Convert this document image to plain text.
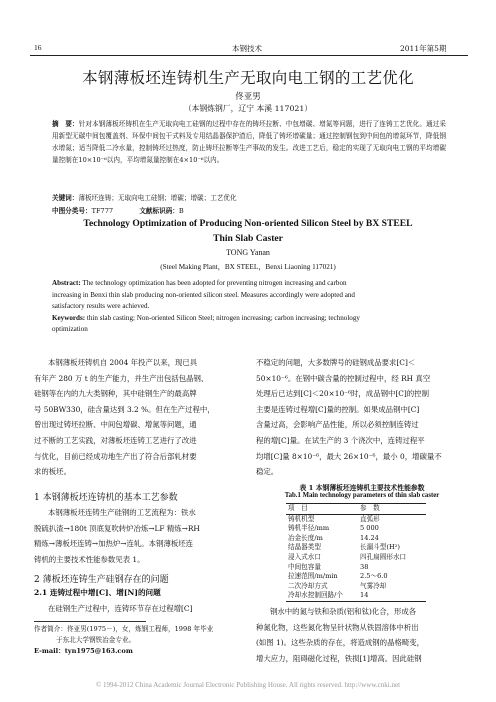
16	本钢技术	2011年第5期
本钢薄板坯连铸机生产无取向电工钢的工艺优化
佟亚男
（本钢炼钢厂，辽宁 本溪 117021）
摘　要：针对本钢薄板坯铸机在生产无取向电工硅钢的过程中存在的铸坯拉断、中包增碳、增氮等问题，进行了连铸工艺优化。通过采用新型无碳中间包覆盖剂、环保中间包干式料及专用结晶器保护渣后，降低了铸坯增碳量；通过控制钢包到中间包的增氮环节，降低钢水增氮；适当降低二冷水量，控制铸坯过热度，防止铸坯拉断等生产事故的发生。改进工艺后，稳定的实现了无取向电工钢的平均增碳量控制在10×10⁻⁶以内，平均增氮量控制在4×10⁻⁶以内。
关键词：薄板坯连铸；无取向电工硅钢；增碳；增碳；工艺优化
中图分类号：TF777	文献标识码：B
Technology Optimization of Producing Non-oriented Silicon Steel by BX STEEL
Thin Slab Caster
TONG Yanan
(Steel Making Plant，BX STEEL，Benxi Liaoning 117021)
Abstract: The technology optimization has been adopted for preventing nitrogen increasing and carbon
increasing in Benxi thin slab producing non-oriented silicon steel. Measures accordingly were adopted and
satisfactory results were achieved.
Keywords: thin slab casting; Non-oriented Silicon Steel; nitrogen increasing; carbon increasing; technology
optimization
本钢薄板坯铸机自 2004 年投产以来，现已具
有年产 280 万 t 的生产能力，并生产出包括包晶钢、
硅钢等在内的九大类钢种，其中硅钢生产的最高牌
号 50BW330，硅含量达到 3.2 %。但在生产过程中，
曾出现过铸坯拉断、中间包增碳、增氮等问题，通
过不断的工艺实践，对薄板坯连铸工艺进行了改进
与优化，目前已经成功地生产出了符合后部轧材要
求的板坯。
1 本钢薄板坯连铸机的基本工艺参数
本钢薄板坯连铸生产硅钢的工艺流程为：铁水
脱硫扒渣→180t 顶底复吹转炉冶炼→LF 精炼→RH
精炼→薄板坯连铸→加热炉→连轧。本钢薄板坯连
铸机的主要技术性能参数见表 1。
2 薄板坯连铸生产硅钢存在的问题
2.1 连铸过程中增[C]、增[N]的问题
在硅钢生产过程中，连铸环节存在过程增[C]
作者简介：佟亚男(1975－)，女，炼钢工程师，1998 年毕业
于东北大学钢铁冶金专业。
E-mail：tyn1975@163.com
不稳定的问题，大多数牌号的硅钢成品要求[C]＜
50×10⁻⁶。在钢中碳含量的控制过程中，经 RH 真空
处理后已达到[C]＜20×10⁻⁶时，成品钢中[C]的控制
主要是连铸过程增[C]量的控制。如果成品钢中[C]
含量过高，会影响产品性能，所以必须控制连铸过
程的增[C]量。在试生产的 3 个浇次中，连铸过程平
均增[C]量 8×10⁻⁶，最大 26×10⁻⁶，最小 0，增碳量不
稳定。
表 1 本钢薄板坯连铸机主要技术性能参数
Tab.1 Main technology parameters of thin slab caster
项　目	参　数
铸机机型	直弧形
铸机半径/mm	5 000
冶金长度/m	14.24
结晶器类型	长漏斗型(H²)
浸入式水口	四孔扁圆形水口
中间包容量	38
拉速范围/m/min	2.5～6.0
二次冷却方式	气雾冷却
冷却水控制回路/个	14
钢水中的氮与铁和杂质(铝和钛)化合，形成各
种氮化物，这些氮化物呈针状物从铁固溶体中析出
(如图 1)。这些杂质的存在，将造成钢的晶格畸变，
增大应力，阻碍磁化过程，铁损[1]增高。因此硅钢
© 1994-2012 China Academic Journal Electronic Publishing House. All rights reserved. http://www.cnki.net
